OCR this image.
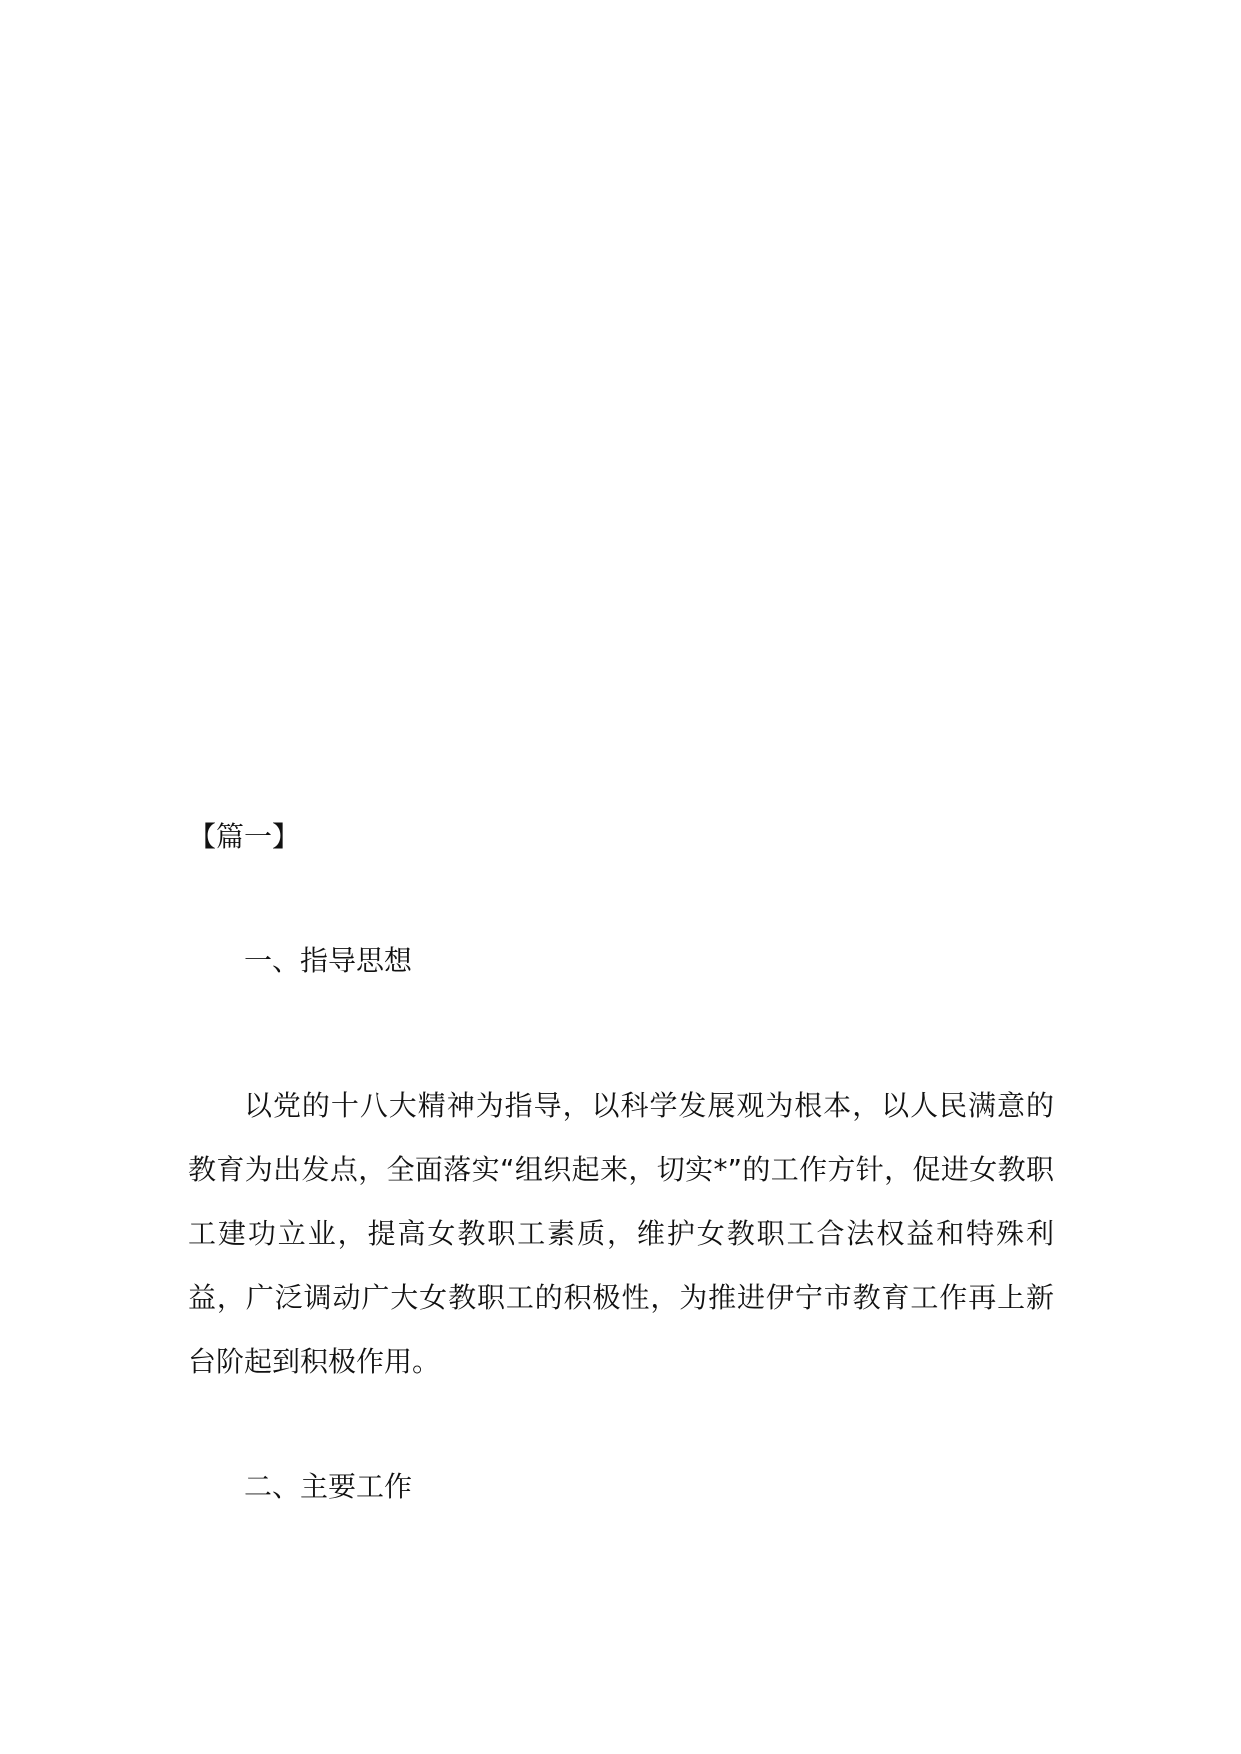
【篇一】

一、指导思想

以党的十八大精神为指导，以科学发展观为根本，以人民满意的教育为出发点，全面落实“组织起来，切实*”的工作方针，促进女教职工建功立业，提高女教职工素质，维护女教职工合法权益和特殊利益，广泛调动广大女教职工的积极性，为推进伊宁市教育工作再上新台阶起到积极作用。

二、主要工作
